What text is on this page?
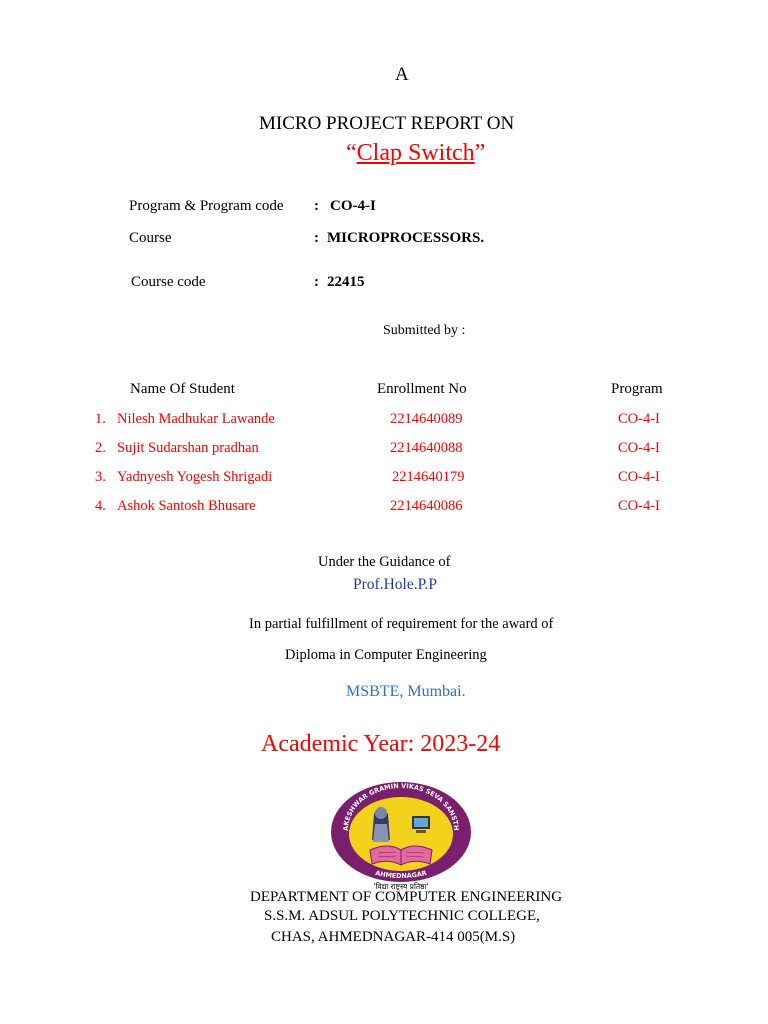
A
MICRO PROJECT REPORT ON
“Clap Switch”
Program & Program code : CO-4-I
Course	: MICROPROCESSORS.
Course code	: 22415
Submitted by :
Name Of Student	Enrollment No	Program
1. Nilesh Madhukar Lawande	2214640089	CO-4-I
2. Sujit Sudarshan pradhan	2214640088	CO-4-I
3. Yadnyesh Yogesh Shrigadi	2214640179	CO-4-I
4. Ashok Santosh Bhusare	2214640086	CO-4-I
Under the Guidance of
Prof.Hole.P.P
In partial fulfillment of requirement for the award of
Diploma in Computer Engineering
MSBTE, Mumbai.
Academic Year: 2023-24
AKESHWAR GRAMIN VIKAS SEVA SANSTH
AHMEDNAGAR
'विद्या राष्ट्रस्य प्रतिष्ठा'
DEPARTMENT OF COMPUTER ENGINEERING
S.S.M. ADSUL POLYTECHNIC COLLEGE,
CHAS, AHMEDNAGAR-414 005(M.S)
